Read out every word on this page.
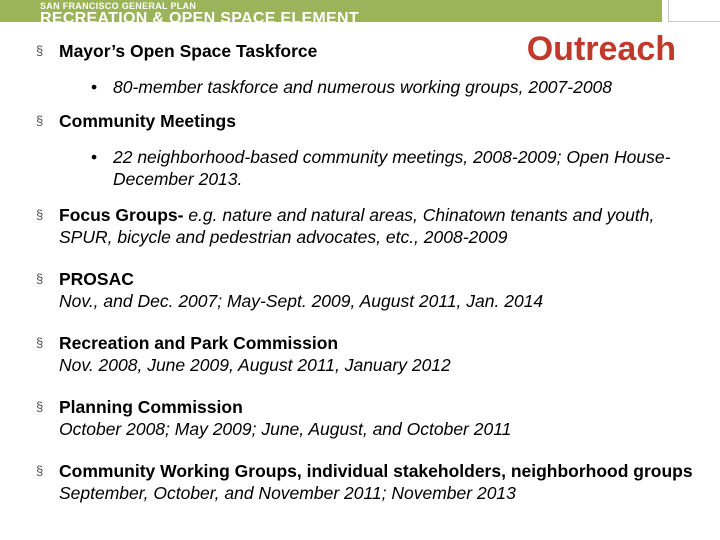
SAN FRANCISCO GENERAL PLAN
RECREATION & OPEN SPACE ELEMENT
Outreach
§ Mayor’s Open Space Taskforce
• 80-member taskforce and numerous working groups, 2007-2008
§ Community Meetings
• 22 neighborhood-based community meetings, 2008-2009; Open House-December 2013.
§ Focus Groups- e.g. nature and natural areas, Chinatown tenants and youth, SPUR, bicycle and pedestrian advocates, etc., 2008-2009
§ PROSAC
Nov., and Dec. 2007; May-Sept. 2009, August 2011, Jan. 2014
§ Recreation and Park Commission
Nov. 2008, June 2009, August 2011, January 2012
§ Planning Commission
October 2008; May 2009; June, August, and October 2011
§ Community Working Groups, individual stakeholders, neighborhood groups September, October, and November 2011; November 2013
